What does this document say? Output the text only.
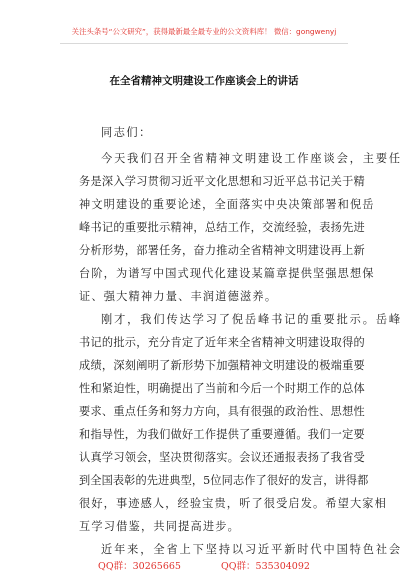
关注头条号“公文研究”，获得最新最全最专业的公文资料库！ 微信：gongwenyj
在全省精神文明建设工作座谈会上的讲话
同志们：
今天我们召开全省精神文明建设工作座谈会，主要任
务是深入学习贯彻习近平文化思想和习近平总书记关于精
神文明建设的重要论述，全面落实中央决策部署和倪岳
峰书记的重要批示精神，总结工作，交流经验，表扬先进
分析形势，部署任务，奋力推动全省精神文明建设再上新
台阶，为谱写中国式现代化建设某篇章提供坚强思想保
证、强大精神力量、丰润道德滋养。
刚才，我们传达学习了倪岳峰书记的重要批示。岳峰
书记的批示，充分肯定了近年来全省精神文明建设取得的
成绩，深刻阐明了新形势下加强精神文明建设的极端重要
性和紧迫性，明确提出了当前和今后一个时期工作的总体
要求、重点任务和努力方向，具有很强的政治性、思想性
和指导性，为我们做好工作提供了重要遵循。我们一定要
认真学习领会，坚决贯彻落实。会议还通报表扬了我省受
到全国表彰的先进典型，5位同志作了很好的发言，讲得都
很好，事迹感人，经验宝贵，听了很受启发。希望大家相
互学习借鉴，共同提高进步。
近年来，全省上下坚持以习近平新时代中国特色社会
QQ群：30265665	QQ群：535304092
